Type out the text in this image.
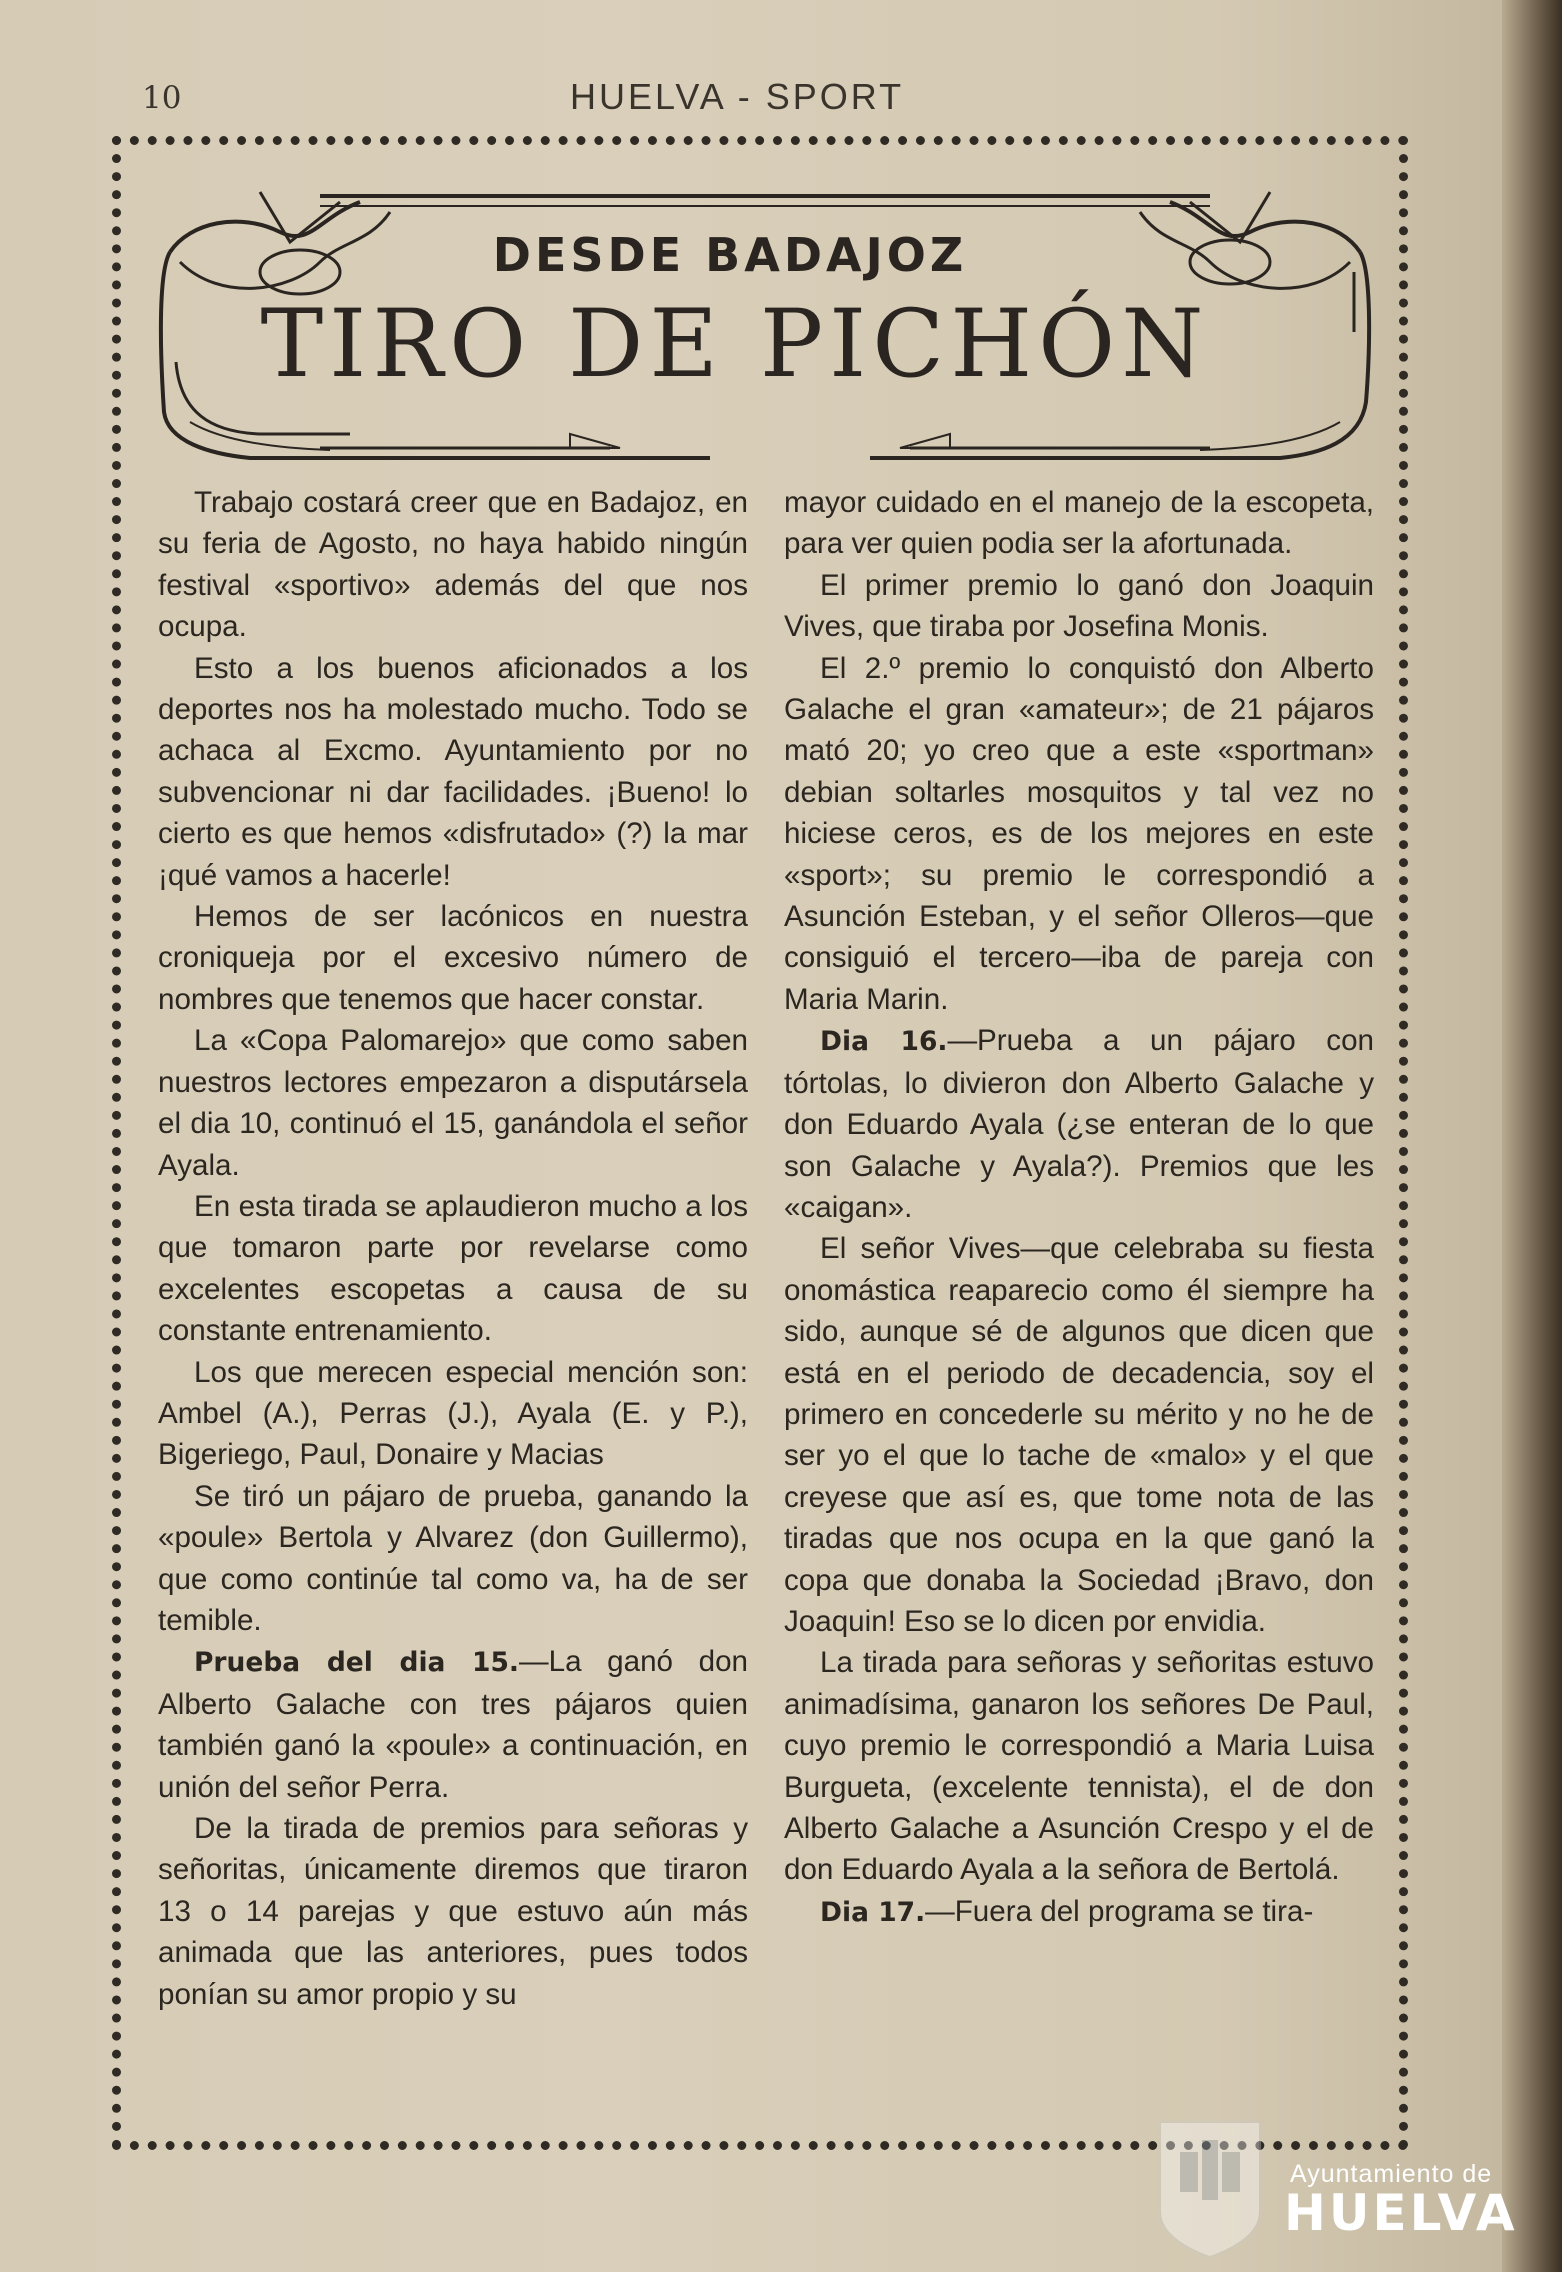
10	HUELVA - SPORT
DESDE BADAJOZ
TIRO DE PICHÓN

Trabajo costará creer que en Badajoz, en su feria de Agosto, no haya habido ningún festival «sportivo» además del que nos ocupa.

Esto a los buenos aficionados a los deportes nos ha molestado mucho. Todo se achaca al Excmo. Ayuntamiento por no subvencionar ni dar facilidades. ¡Bueno! lo cierto es que hemos «disfrutado» (?) la mar ¡qué vamos a hacerle!

Hemos de ser lacónicos en nuestra croniqueja por el excesivo número de nombres que tenemos que hacer constar.

La «Copa Palomarejo» que como saben nuestros lectores empezaron a disputársela el dia 10, continuó el 15, ganándola el señor Ayala.

En esta tirada se aplaudieron mucho a los que tomaron parte por revelarse como excelentes escopetas a causa de su constante entrenamiento.

Los que merecen especial mención son: Ambel (A.), Perras (J.), Ayala (E. y P.), Bigeriego, Paul, Donaire y Macias

Se tiró un pájaro de prueba, ganando la «poule» Bertola y Alvarez (don Guillermo), que como continúe tal como va, ha de ser temible.

Prueba del dia 15.—La ganó don Alberto Galache con tres pájaros quien también ganó la «poule» a continuación, en unión del señor Perra.

De la tirada de premios para señoras y señoritas, únicamente diremos que tiraron 13 o 14 parejas y que estuvo aún más animada que las anteriores, pues todos ponían su amor propio y su

mayor cuidado en el manejo de la escopeta, para ver quien podia ser la afortunada.

El primer premio lo ganó don Joaquin Vives, que tiraba por Josefina Monis.

El 2.º premio lo conquistó don Alberto Galache el gran «amateur»; de 21 pájaros mató 20; yo creo que a este «sportman» debian soltarles mosquitos y tal vez no hiciese ceros, es de los mejores en este «sport»; su premio le correspondió a Asunción Esteban, y el señor Olleros—que consiguió el tercero—iba de pareja con Maria Marin.

Dia 16.—Prueba a un pájaro con tórtolas, lo divieron don Alberto Galache y don Eduardo Ayala (¿se enteran de lo que son Galache y Ayala?). Premios que les «caigan».

El señor Vives—que celebraba su fiesta onomástica reaparecio como él siempre ha sido, aunque sé de algunos que dicen que está en el periodo de decadencia, soy el primero en concederle su mérito y no he de ser yo el que lo tache de «malo» y el que creyese que así es, que tome nota de las tiradas que nos ocupa en la que ganó la copa que donaba la Sociedad ¡Bravo, don Joaquin! Eso se lo dicen por envidia.

La tirada para señoras y señoritas estuvo animadísima, ganaron los señores De Paul, cuyo premio le correspondió a Maria Luisa Burgueta, (excelente tennista), el de don Alberto Galache a Asunción Crespo y el de don Eduardo Ayala a la señora de Bertolá.

Dia 17.—Fuera del programa se tira-

Ayuntamiento de
HUELVA
